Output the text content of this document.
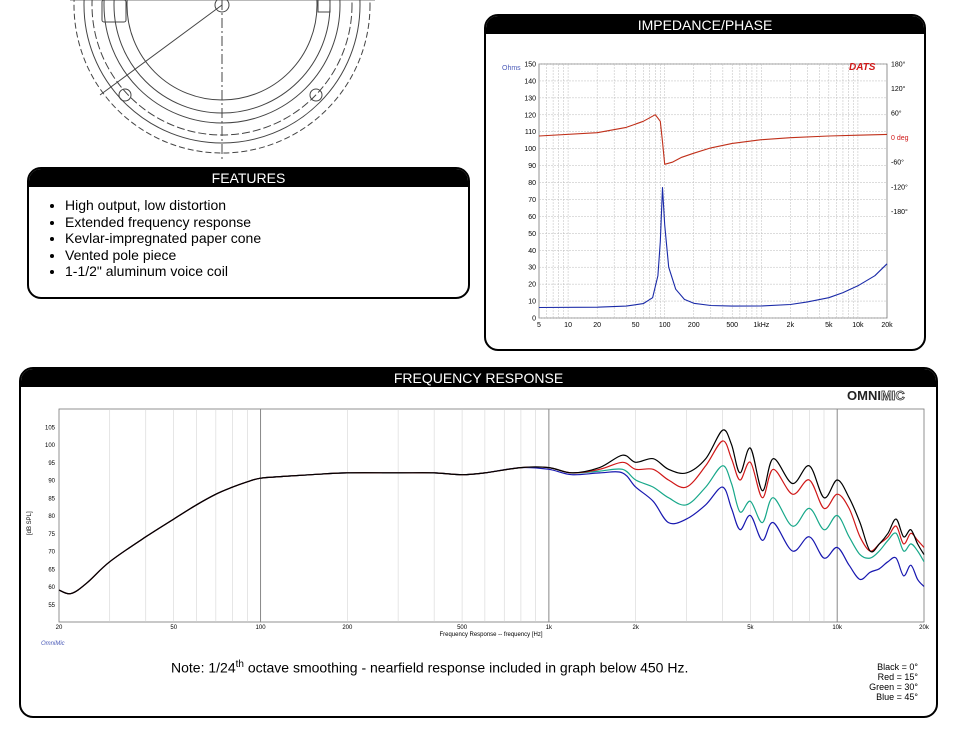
FEATURES
• High output, low distortion
• Extended frequency response
• Kevlar-impregnated paper cone
• Vented pole piece
• 1-1/2" aluminum voice coil
IMPEDANCE/PHASE
0
10
20
30
40
50
60
70
80
90
100
110
120
130
140
150
5	10	20	50	100 200	500 1kHz 2k	5k	10k	20k
180°
120°
60°
0 deg
-60°
-120°
-180°
Ohms	DATS
FREQUENCY RESPONSE
OMNIMIC
55
60
65
70
75
80
85
90
95
100
105
20	50	100	200	500	1k	2k	5k	10k	20k
[dB SPL]
Frequency Response -- frequency [Hz]
OmniMic
Note: 1/24th octave smoothing - nearfield response included in graph below 450 Hz.	Black = 0°
Red = 15°
Green = 30°
Blue = 45°
